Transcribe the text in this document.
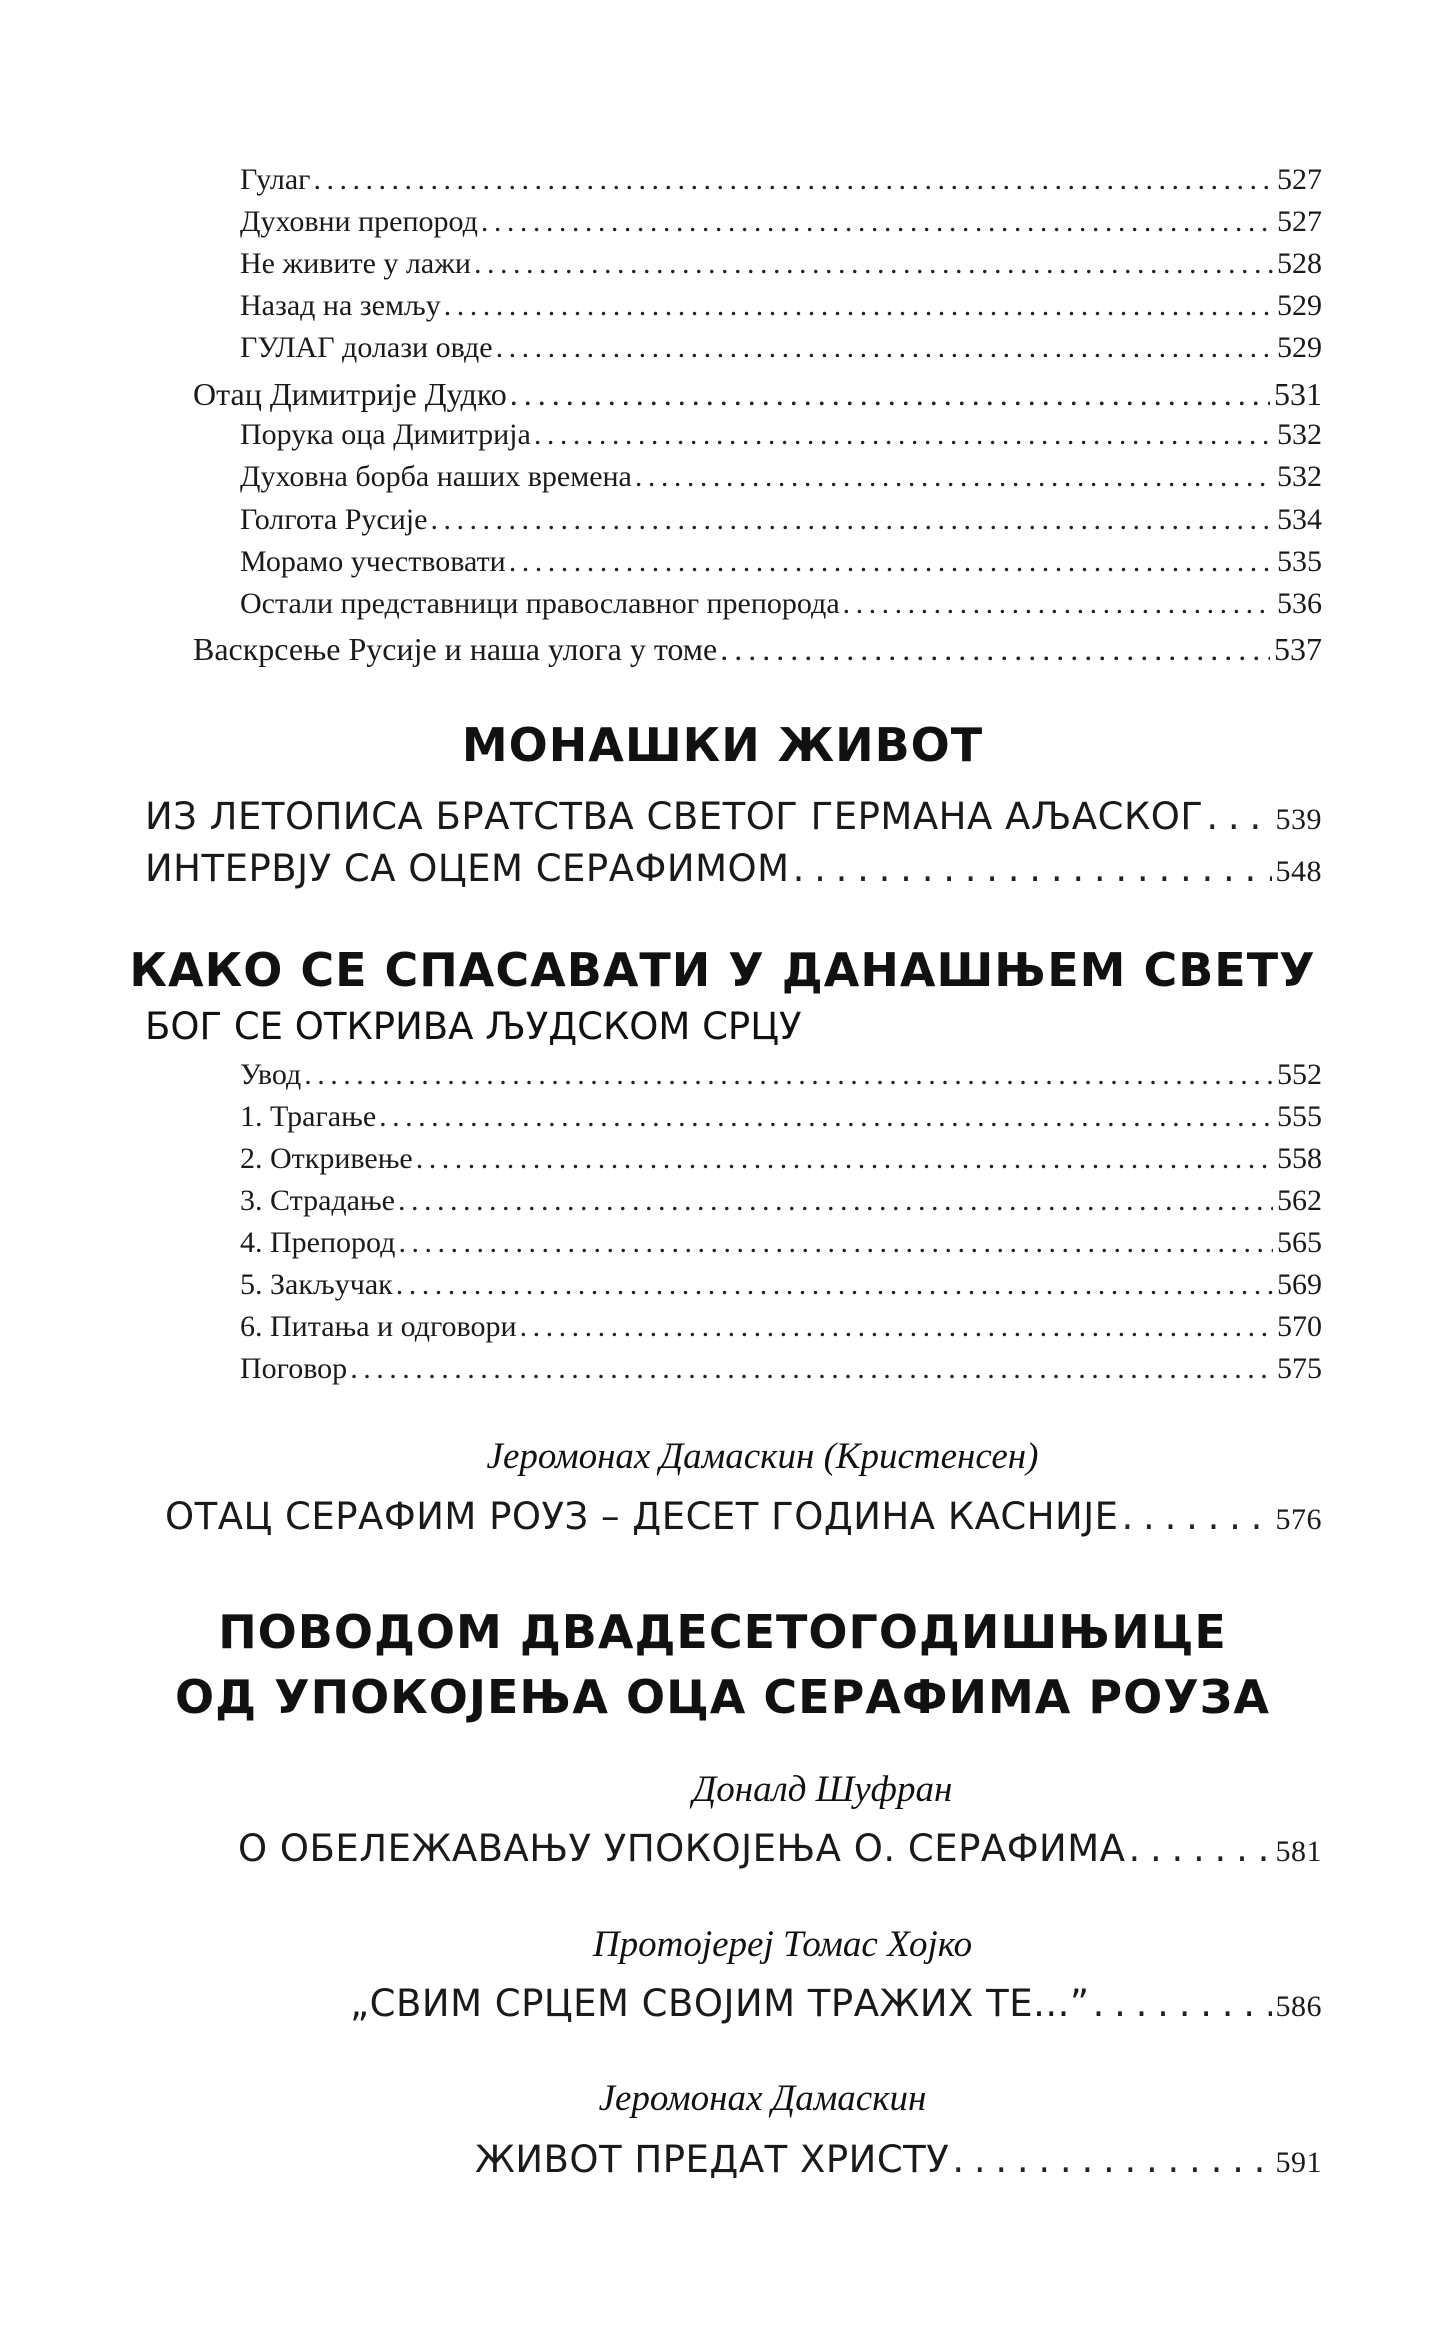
Гулаг . . .	527
Духовни препород . . .	527
Не живите у лажи . . .	528
Назад на земљу . . .	529
ГУЛАГ долази овде . . .	529
Отац Димитрије Дудко . . .	531
Порука оца Димитрија . . .	532
Духовна борба наших времена . . .	532
Голгота Русије . . .	534
Морамо учествовати . . .	535
Остали представници православног препорода . . .	536
Васкрсење Русије и наша улога у томе . . .	537
МОНАШКИ ЖИВОТ
ИЗ ЛЕТОПИСА БРАТСТВА СВЕТОГ ГЕРМАНА АЉАСКОГ . . . 539
ИНТЕРВЈУ СА ОЦЕМ СЕРАФИМОМ . . .	548
КАКО СЕ СПАСАВАТИ У ДАНАШЊЕМ СВЕТУ
БОГ СЕ ОТКРИВА ЉУДСКОМ СРЦУ
Увод . . .	552
1. Трагање . . .	555
2. Откривење . . .	558
3. Страдање . . .	562
4. Препород . . .	565
5. Закључак . . .	569
6. Питања и одговори . . .	570
Поговор . . .	575
Јеромонах Дамаскин (Кристенсен)
ОТАЦ СЕРАФИМ РОУЗ – ДЕСЕТ ГОДИНА КАСНИЈЕ . . .	576
ПОВОДОМ ДВАДЕСЕТОГОДИШЊИЦЕ
ОД УПОКОЈЕЊА ОЦА СЕРАФИМА РОУЗА
Доналд Шуфран
О ОБЕЛЕЖАВАЊУ УПОКОЈЕЊА О. СЕРАФИМА . . .	581
Протојереј Томас Хојко
„СВИМ СРЦЕМ СВОЈИМ ТРАЖИХ ТЕ...” . . .	586
Јеромонах Дамаскин
ЖИВОТ ПРЕДАТ ХРИСТУ . . .	591
